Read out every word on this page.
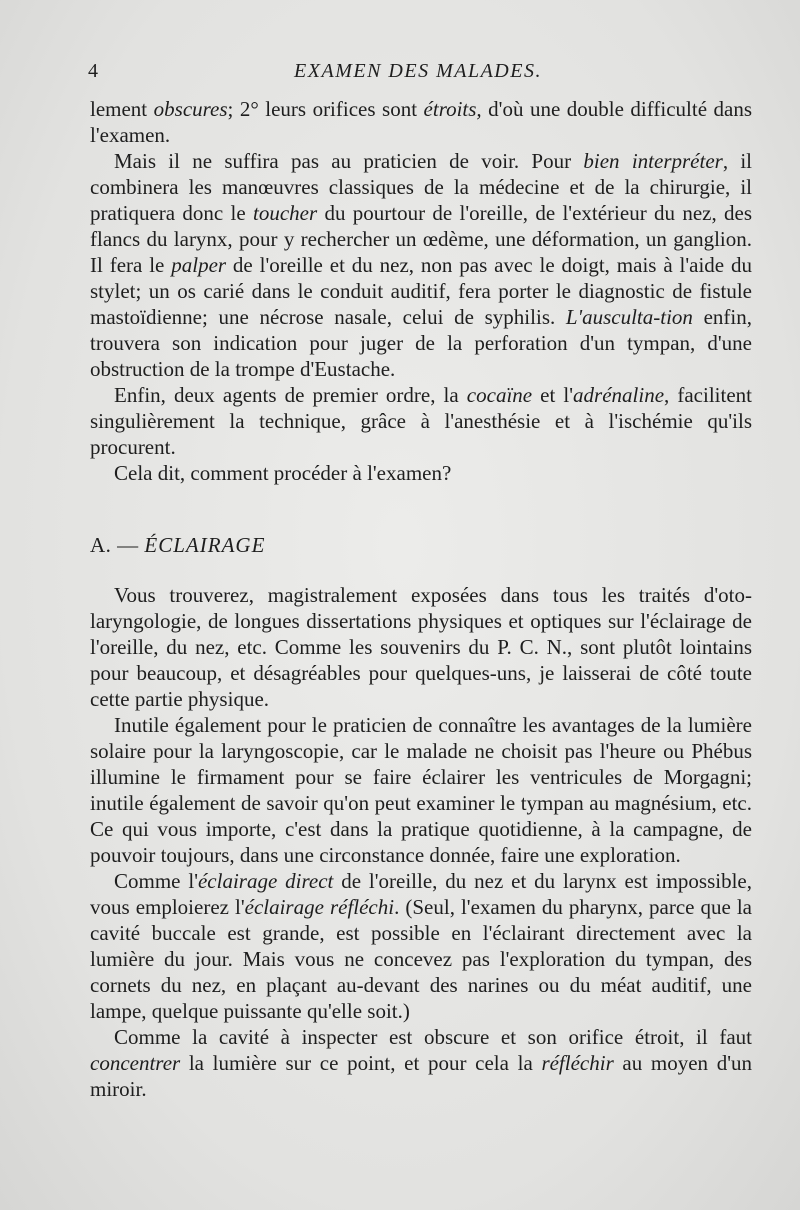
4	EXAMEN DES MALADES.

lement obscures; 2° leurs orifices sont étroits, d'où une double difficulté dans l'examen.

Mais il ne suffira pas au praticien de voir. Pour bien interpréter, il combinera les manœuvres classiques de la médecine et de la chirurgie, il pratiquera donc le toucher du pourtour de l'oreille, de l'extérieur du nez, des flancs du larynx, pour y rechercher un œdème, une déformation, un ganglion. Il fera le palper de l'oreille et du nez, non pas avec le doigt, mais à l'aide du stylet; un os carié dans le conduit auditif, fera porter le diagnostic de fistule mastoïdienne; une nécrose nasale, celui de syphilis. L'ausculta-tion enfin, trouvera son indication pour juger de la perforation d'un tympan, d'une obstruction de la trompe d'Eustache.

Enfin, deux agents de premier ordre, la cocaïne et l'adrénaline, facilitent singulièrement la technique, grâce à l'anesthésie et à l'ischémie qu'ils procurent.

Cela dit, comment procéder à l'examen?

A. — ÉCLAIRAGE

Vous trouverez, magistralement exposées dans tous les traités d'oto-laryngologie, de longues dissertations physiques et optiques sur l'éclairage de l'oreille, du nez, etc. Comme les souvenirs du P. C. N., sont plutôt lointains pour beaucoup, et désagréables pour quelques-uns, je laisserai de côté toute cette partie physique.

Inutile également pour le praticien de connaître les avantages de la lumière solaire pour la laryngoscopie, car le malade ne choisit pas l'heure ou Phébus illumine le firmament pour se faire éclairer les ventricules de Morgagni; inutile également de savoir qu'on peut examiner le tympan au magnésium, etc. Ce qui vous importe, c'est dans la pratique quotidienne, à la campagne, de pouvoir toujours, dans une circonstance donnée, faire une exploration.

Comme l'éclairage direct de l'oreille, du nez et du larynx est impossible, vous emploierez l'éclairage réfléchi. (Seul, l'examen du pharynx, parce que la cavité buccale est grande, est possible en l'éclairant directement avec la lumière du jour. Mais vous ne concevez pas l'exploration du tympan, des cornets du nez, en plaçant au-devant des narines ou du méat auditif, une lampe, quelque puissante qu'elle soit.)

Comme la cavité à inspecter est obscure et son orifice étroit, il faut concentrer la lumière sur ce point, et pour cela la réfléchir au moyen d'un miroir.
